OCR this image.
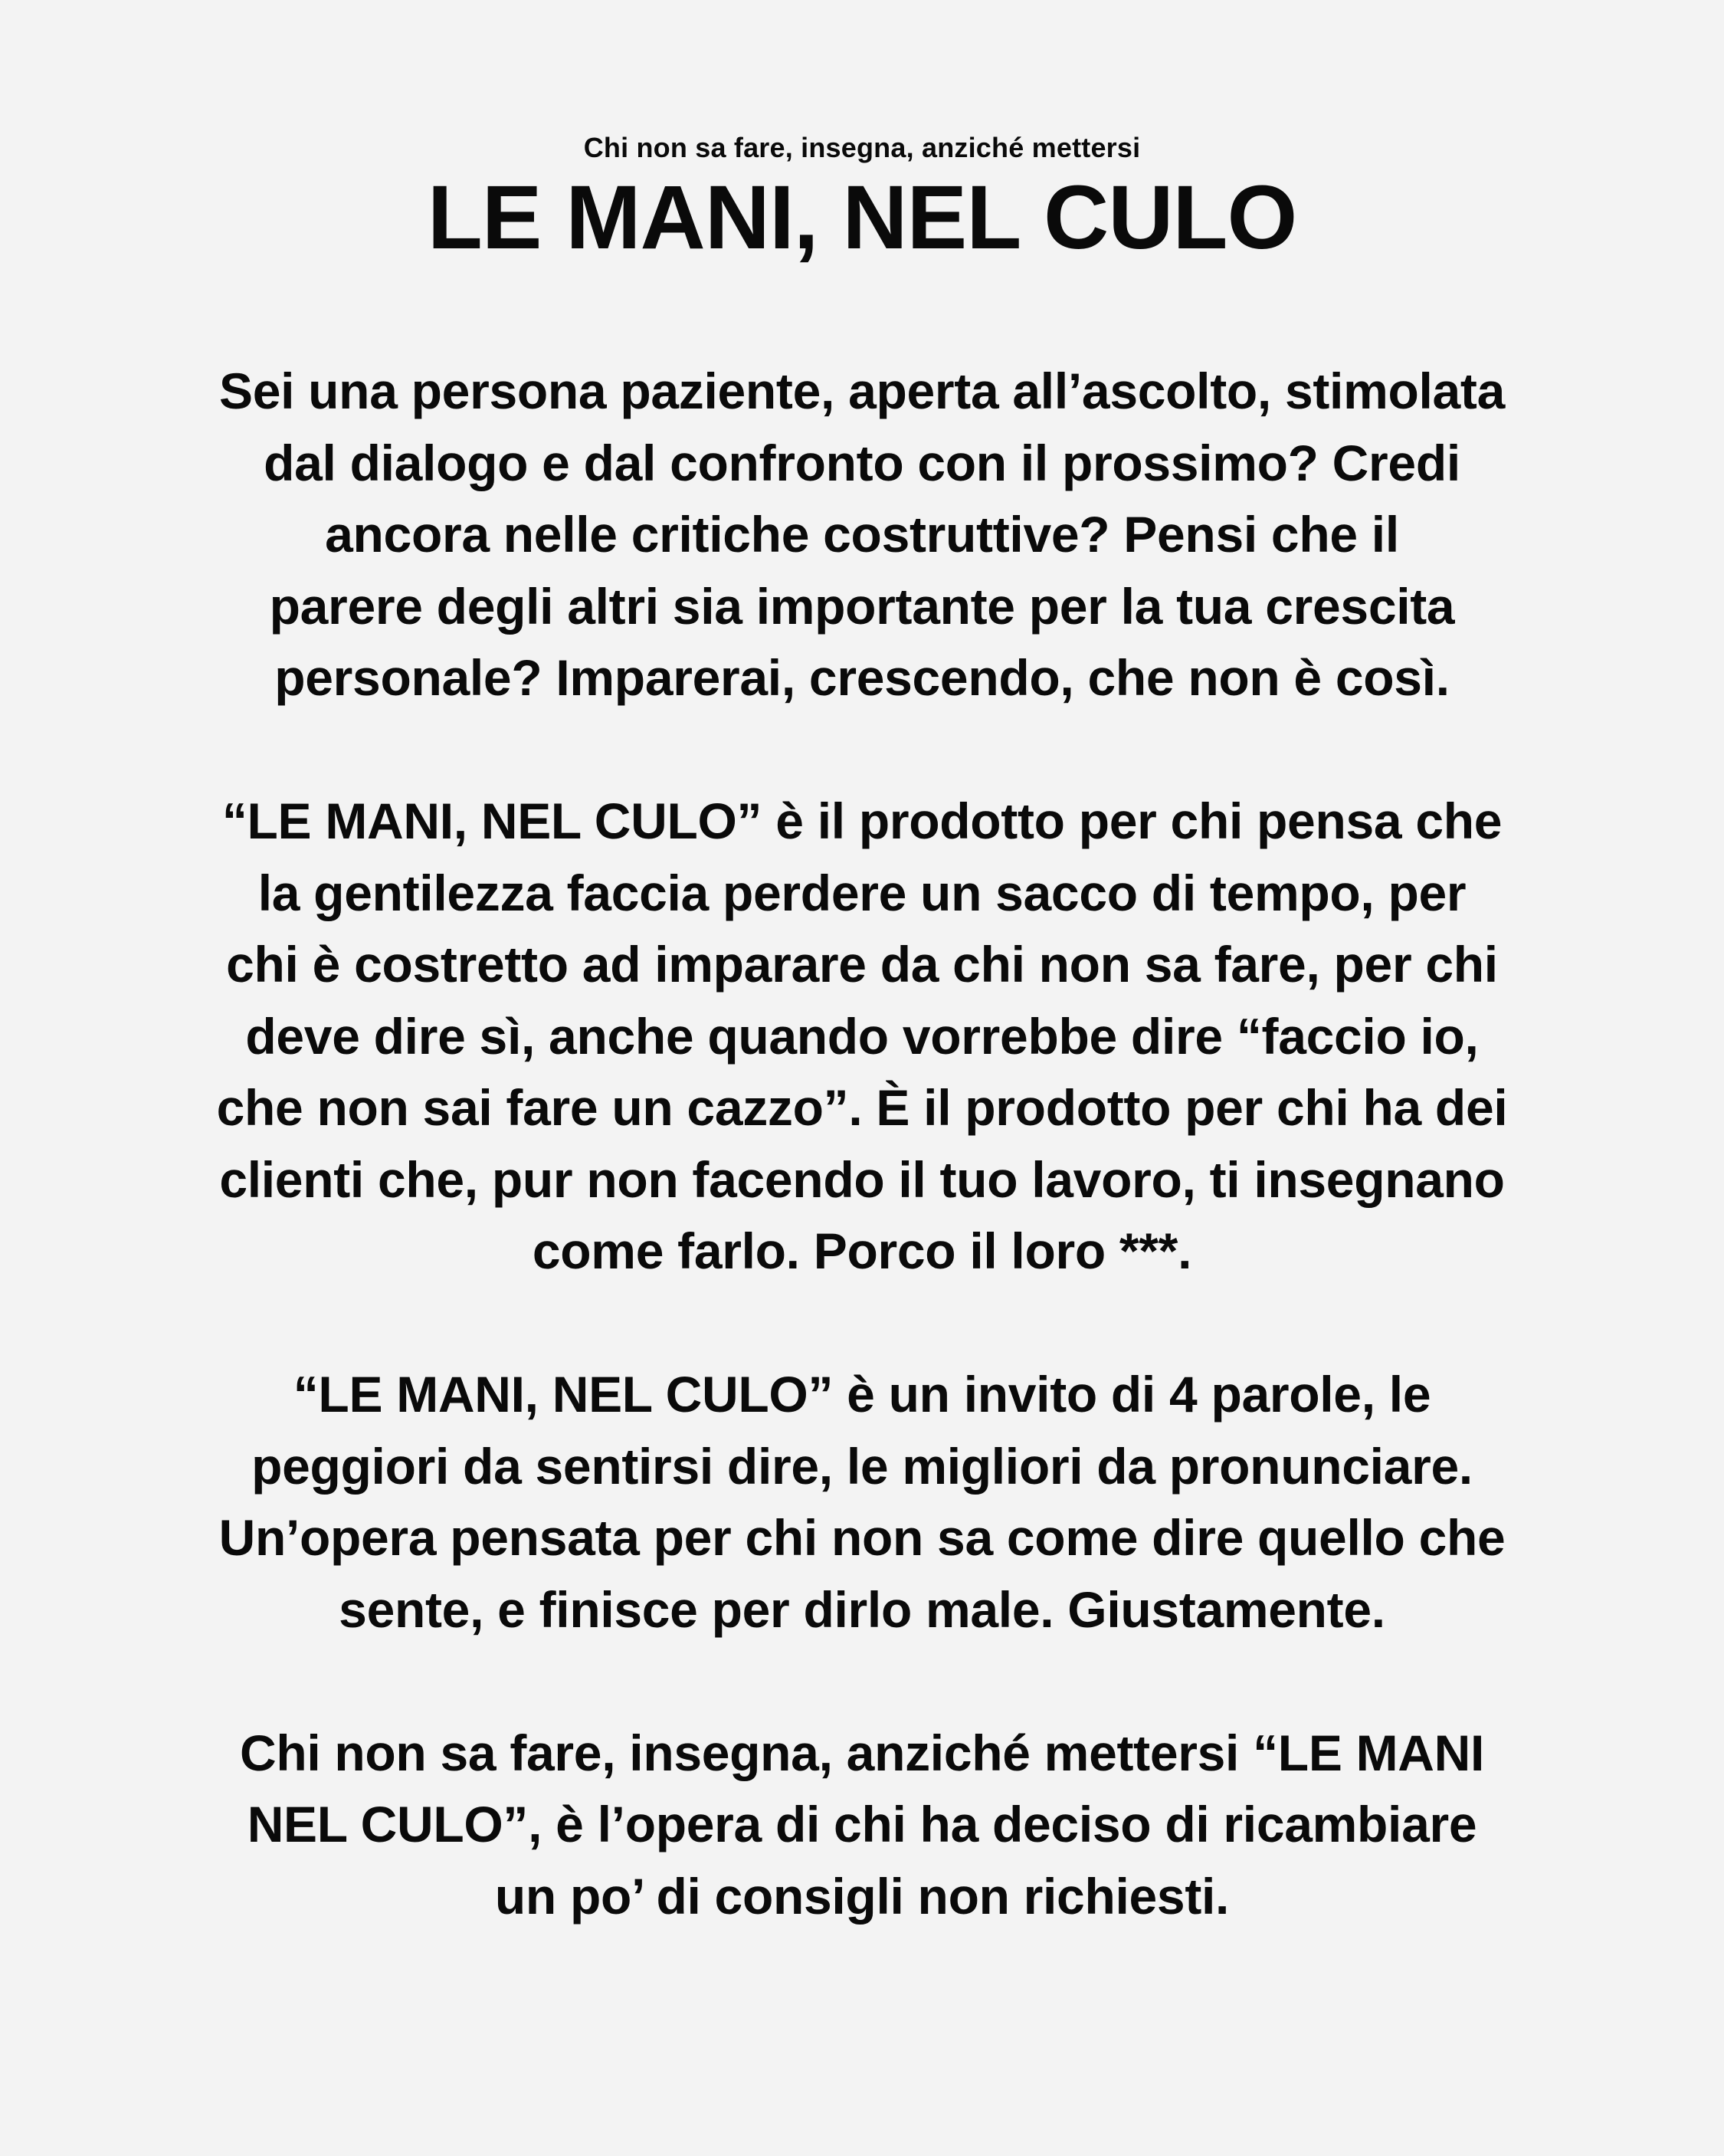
Chi non sa fare, insegna, anziché mettersi

LE MANI, NEL CULO

Sei una persona paziente, aperta all’ascolto, stimolata
dal dialogo e dal confronto con il prossimo? Credi
ancora nelle critiche costruttive? Pensi che il
parere degli altri sia importante per la tua crescita
personale? Imparerai, crescendo, che non è così.

“LE MANI, NEL CULO” è il prodotto per chi pensa che
la gentilezza faccia perdere un sacco di tempo, per
chi è costretto ad imparare da chi non sa fare, per chi
deve dire sì, anche quando vorrebbe dire “faccio io,
che non sai fare un cazzo”. È il prodotto per chi ha dei
clienti che, pur non facendo il tuo lavoro, ti insegnano
come farlo. Porco il loro ***.

“LE MANI, NEL CULO” è un invito di 4 parole, le
peggiori da sentirsi dire, le migliori da pronunciare.
Un’opera pensata per chi non sa come dire quello che
sente, e finisce per dirlo male. Giustamente.

Chi non sa fare, insegna, anziché mettersi “LE MANI
NEL CULO”, è l’opera di chi ha deciso di ricambiare
un po’ di consigli non richiesti.
